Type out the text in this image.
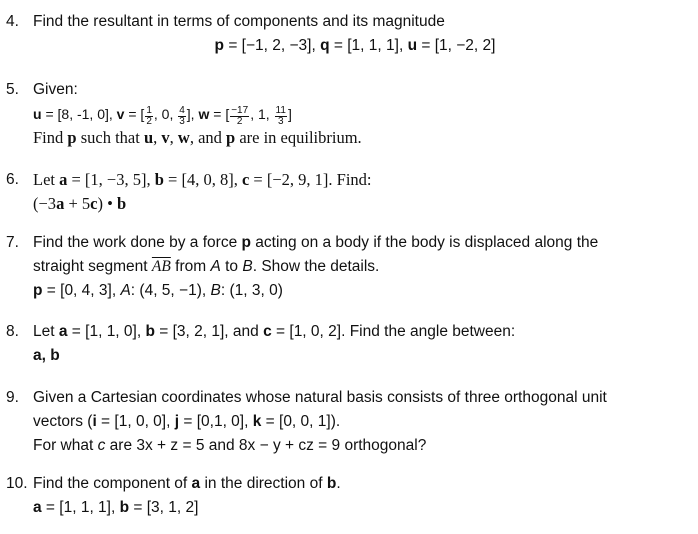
4. Find the resultant in terms of components and its magnitude
p = [−1, 2, −3], q = [1, 1, 1], u = [1, −2, 2]
5. Given:
u = [8, -1, 0], v = [ $\frac{1}{2}$ , 0, $\frac{4}{3}$ ], w = [ $\frac{-17}{2}$ , 1, $\frac{11}{3}$ ]
Find p such that u, v, w, and p are in equilibrium.
6. Let a = [1, −3, 5], b = [4, 0, 8], c = [−2, 9, 1]. Find:
(−3a + 5c) • b
7. Find the work done by a force p acting on a body if the body is displaced along the
straight segment $\overline{AB}$ from A to B. Show the details.
p = [0, 4, 3], A: (4, 5, −1), B: (1, 3, 0)
8. Let a = [1, 1, 0], b = [3, 2, 1], and c = [1, 0, 2]. Find the angle between:
a, b
9. Given a Cartesian coordinates whose natural basis consists of three orthogonal unit
vectors (i = [1, 0, 0], j = [0,1, 0], k = [0, 0, 1]).
For what c are 3x + z = 5 and 8x − y + cz = 9 orthogonal?
10. Find the component of a in the direction of b.
a = [1, 1, 1], b = [3, 1, 2]
